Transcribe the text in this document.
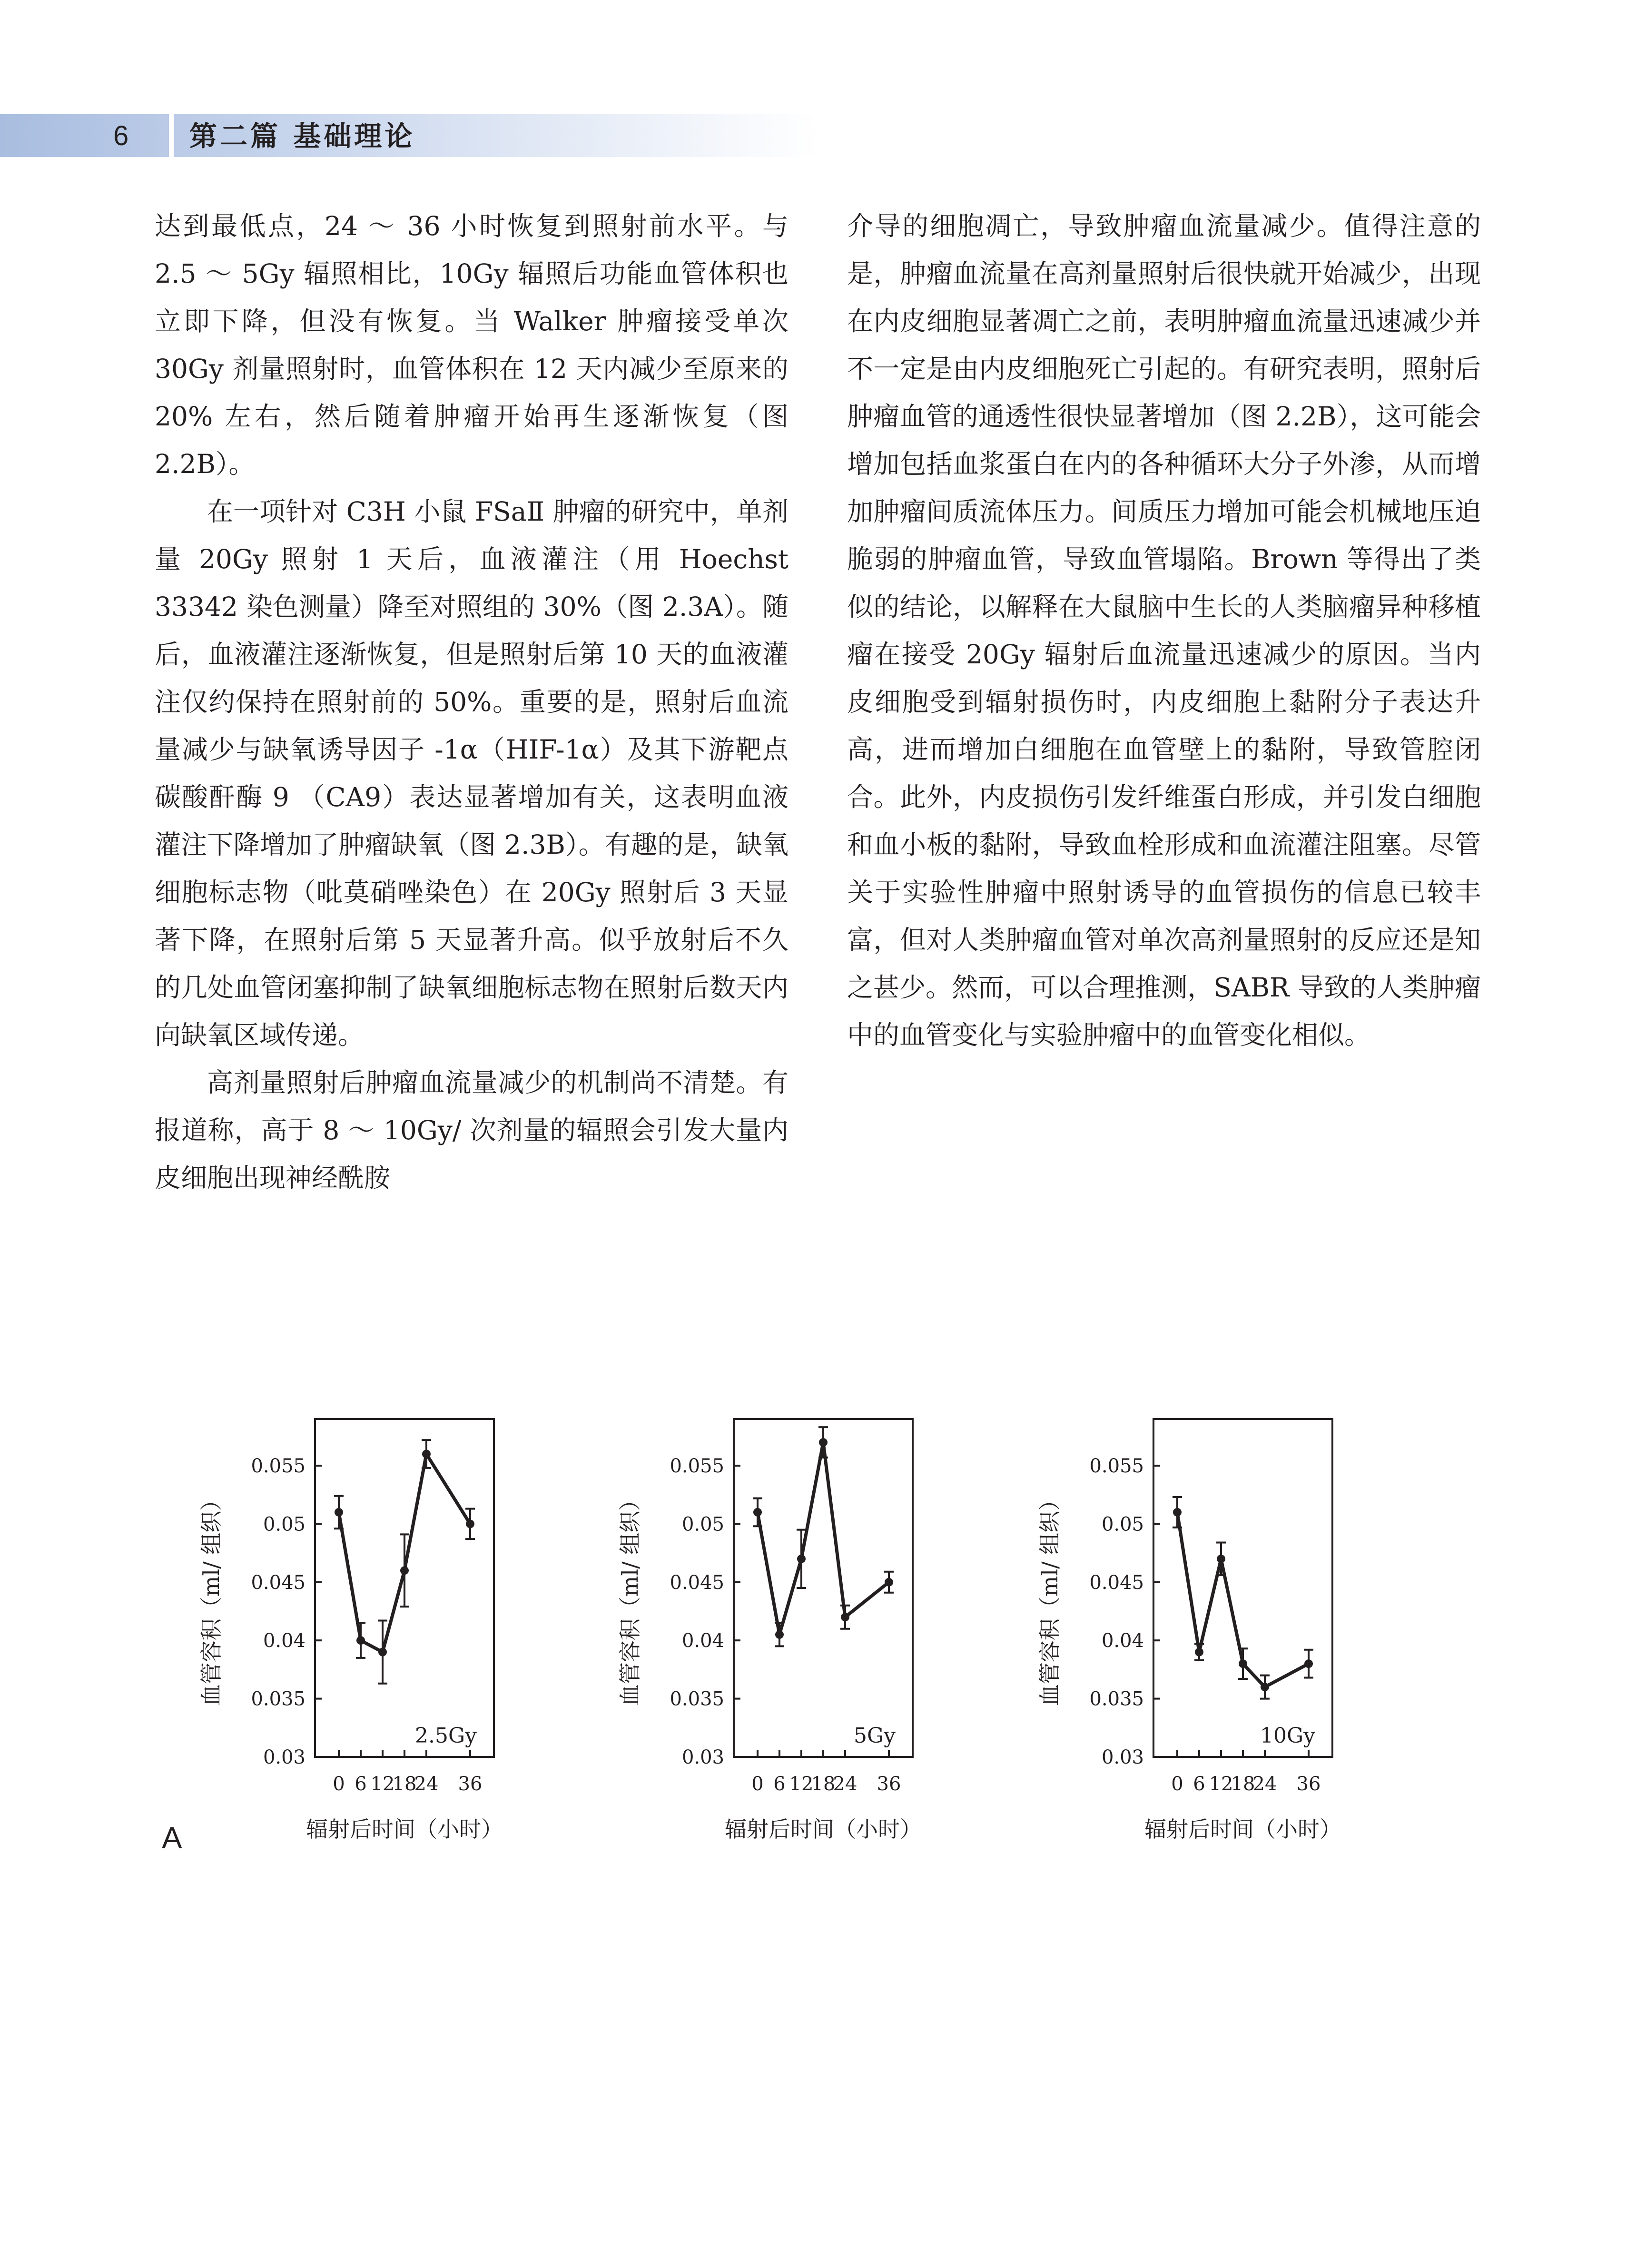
6	第二篇 基础理论

达到最低点，24 ～ 36 小时恢复到照射前水平。与 2.5 ～ 5Gy 辐照相比，10Gy 辐照后功能血管体积也立即下降，但没有恢复。当 Walker 肿瘤接受单次 30Gy 剂量照射时，血管体积在 12 天内减少至原来的 20% 左右，然后随着肿瘤开始再生逐渐恢复（图 2.2B）。

在一项针对 C3H 小鼠 FSaⅡ 肿瘤的研究中，单剂量 20Gy 照射 1 天后，血液灌注（用 Hoechst 33342 染色测量）降至对照组的 30%（图 2.3A）。随后，血液灌注逐渐恢复，但是照射后第 10 天的血液灌注仅约保持在照射前的 50%。重要的是，照射后血流量减少与缺氧诱导因子 -1α（HIF-1α）及其下游靶点碳酸酐酶 9 （CA9）表达显著增加有关，这表明血液灌注下降增加了肿瘤缺氧（图 2.3B）。有趣的是，缺氧细胞标志物（吡莫硝唑染色）在 20Gy 照射后 3 天显著下降，在照射后第 5 天显著升高。似乎放射后不久的几处血管闭塞抑制了缺氧细胞标志物在照射后数天内向缺氧区域传递。

高剂量照射后肿瘤血流量减少的机制尚不清楚。有报道称，高于 8 ～ 10Gy/ 次剂量的辐照会引发大量内皮细胞出现神经酰胺

介导的细胞凋亡，导致肿瘤血流量减少。值得注意的是，肿瘤血流量在高剂量照射后很快就开始减少，出现在内皮细胞显著凋亡之前，表明肿瘤血流量迅速减少并不一定是由内皮细胞死亡引起的。有研究表明，照射后肿瘤血管的通透性很快显著增加（图 2.2B），这可能会增加包括血浆蛋白在内的各种循环大分子外渗，从而增加肿瘤间质流体压力。间质压力增加可能会机械地压迫脆弱的肿瘤血管，导致血管塌陷。Brown 等得出了类似的结论，以解释在大鼠脑中生长的人类脑瘤异种移植瘤在接受 20Gy 辐射后血流量迅速减少的原因。当内皮细胞受到辐射损伤时，内皮细胞上黏附分子表达升高，进而增加白细胞在血管壁上的黏附，导致管腔闭合。此外，内皮损伤引发纤维蛋白形成，并引发白细胞和血小板的黏附，导致血栓形成和血流灌注阻塞。尽管关于实验性肿瘤中照射诱导的血管损伤的信息已较丰富，但对人类肿瘤血管对单次高剂量照射的反应还是知之甚少。然而，可以合理推测，SABR 导致的人类肿瘤中的血管变化与实验肿瘤中的血管变化相似。

0.03
0.035
0.04
0.045
0.05
0.055
0 6 12
18
24 36
2.5Gy
辐射后时间（小时）
血管容积（ml/ 组织）
0.03
0.035
0.04
0.045
0.05
0.055
0 6 12
18
24 36
5Gy
辐射后时间（小时）
血管容积（ml/ 组织）
0.03
0.035
0.04
0.045
0.05
0.055
0 6 12
18
24 36
10Gy
辐射后时间（小时）
血管容积（ml/ 组织）
A
